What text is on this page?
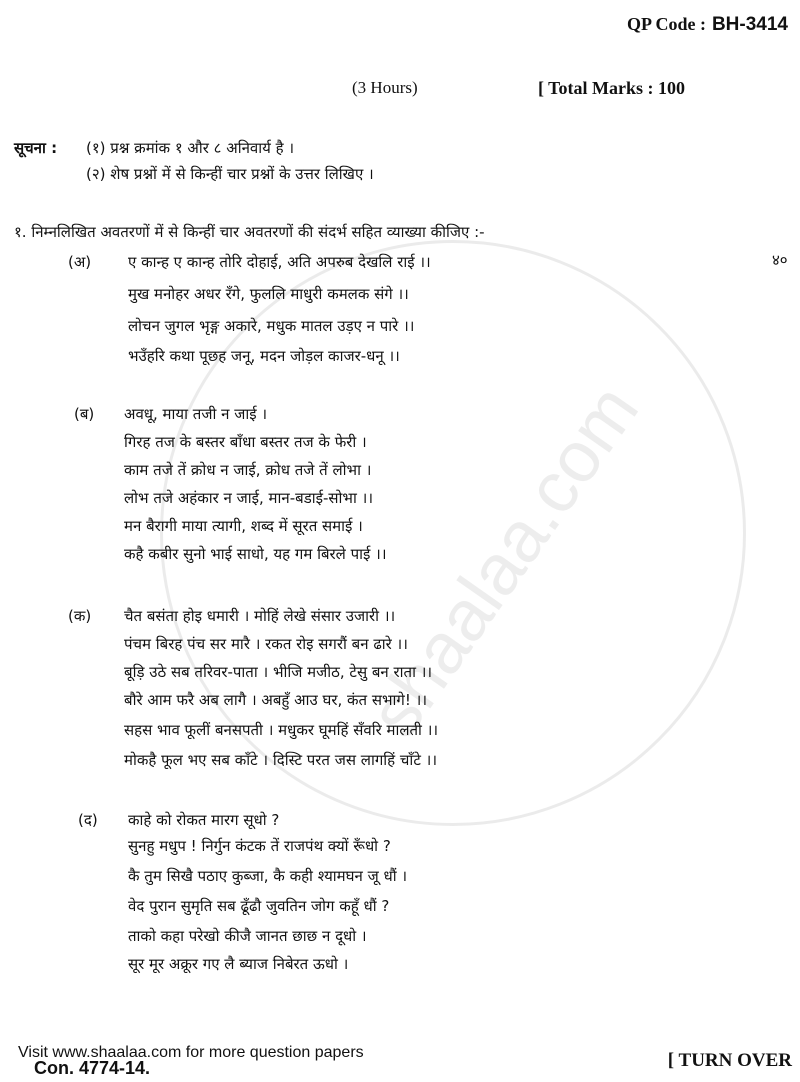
shaalaa.com
QP Code : BH-3414
(3 Hours)	[ Total Marks : 100
सूचना : (१) प्रश्न क्रमांक १ और ८ अनिवार्य है ।
(२) शेष प्रश्नों में से किन्हीं चार प्रश्नों के उत्तर लिखिए ।
१. निम्नलिखित अवतरणों में से किन्हीं चार अवतरणों की संदर्भ सहित व्याख्या कीजिए :-
४०
(अ) ए कान्ह ए कान्ह तोरि दोहाई, अति अपरुब देखलि राई ।।
मुख मनोहर अधर रँगे, फुललि माधुरी कमलक संगे ।।
लोचन जुगल भृङ्ग अकारे, मधुक मातल उड़ए न पारे ।।
भउँहरि कथा पूछह जनू, मदन जोड़ल काजर-धनू ।।
(ब) अवधू, माया तजी न जाई ।
गिरह तज के बस्तर बाँधा बस्तर तज के फेरी ।
काम तजे तें क्रोध न जाई, क्रोध तजे तें लोभा ।
लोभ तजे अहंकार न जाई, मान-बडाई-सोभा ।।
मन बैरागी माया त्यागी, शब्द में सूरत समाई ।
कहै कबीर सुनो भाई साधो, यह गम बिरले पाई ।।
(क) चैत बसंता होइ धमारी । मोहिं लेखे संसार उजारी ।।
पंचम बिरह पंच सर मारै । रकत रोइ सगरौं बन ढारे ।।
बूड़ि उठे सब तरिवर-पाता । भीजि मजीठ, टेसु बन राता ।।
बौरे आम फरै अब लागै । अबहुँ आउ घर, कंत सभागे! ।।
सहस भाव फूलीं बनसपती । मधुकर घूमहिं सँवरि मालती ।।
मोकहै फूल भए सब काँटे । दिस्टि परत जस लागहिं चाँटे ।।
(द) काहे को रोकत मारग सूधो ?
सुनहु मधुप ! निर्गुन कंटक तें राजपंथ क्यों रूँधो ?
कै तुम सिखै पठाए कुब्जा, कै कही श्यामघन जू धौं ।
वेद पुरान सुमृति सब ढूँढौ जुवतिन जोग कहूँ धौं ?
ताको कहा परेखो कीजै जानत छाछ न दूधो ।
सूर मूर अक्रूर गए लै ब्याज निबेरत ऊधो ।
Visit www.shaalaa.com for more question papers
Con. 4774-14.	[ TURN OVER
